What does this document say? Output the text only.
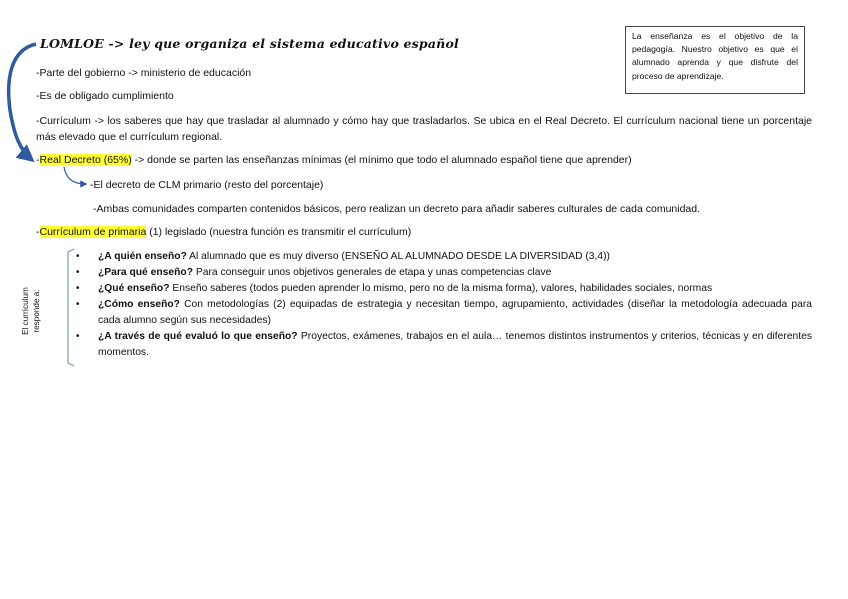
LOMLOE -> ley que organiza el sistema educativo español	La enseñanza es el objetivo de la pedagogía. Nuestro objetivo es que el alumnado aprenda y que disfrute del proceso de aprendizaje.
-Parte del gobierno -> ministerio de educación
-Es de obligado cumplimiento
-Currículum -> los saberes que hay que trasladar al alumnado y cómo hay que trasladarlos. Se ubica en el Real Decreto. El currículum nacional tiene un porcentaje más elevado que el currículum regional.
-Real Decreto (65%) -> donde se parten las enseñanzas mínimas (el mínimo que todo el alumnado español tiene que aprender)
-El decreto de CLM primario (resto del porcentaje)
-Ambas comunidades comparten contenidos básicos, pero realizan un decreto para añadir saberes culturales de cada comunidad.
-Currículum de primaria (1) legislado (nuestra función es transmitir el currículum)
El currículum responde a:
• ¿A quién enseño? Al alumnado que es muy diverso (ENSEÑO AL ALUMNADO DESDE LA DIVERSIDAD (3,4))
• ¿Para qué enseño? Para conseguir unos objetivos generales de etapa y unas competencias clave
• ¿Qué enseño? Enseño saberes (todos pueden aprender lo mismo, pero no de la misma forma), valores, habilidades sociales, normas
• ¿Cómo enseño? Con metodologías (2) equipadas de estrategia y necesitan tiempo, agrupamiento, actividades (diseñar la metodología adecuada para cada alumno según sus necesidades)
• ¿A través de qué evaluó lo que enseño? Proyectos, exámenes, trabajos en el aula… tenemos distintos instrumentos y criterios, técnicas y en diferentes momentos.
